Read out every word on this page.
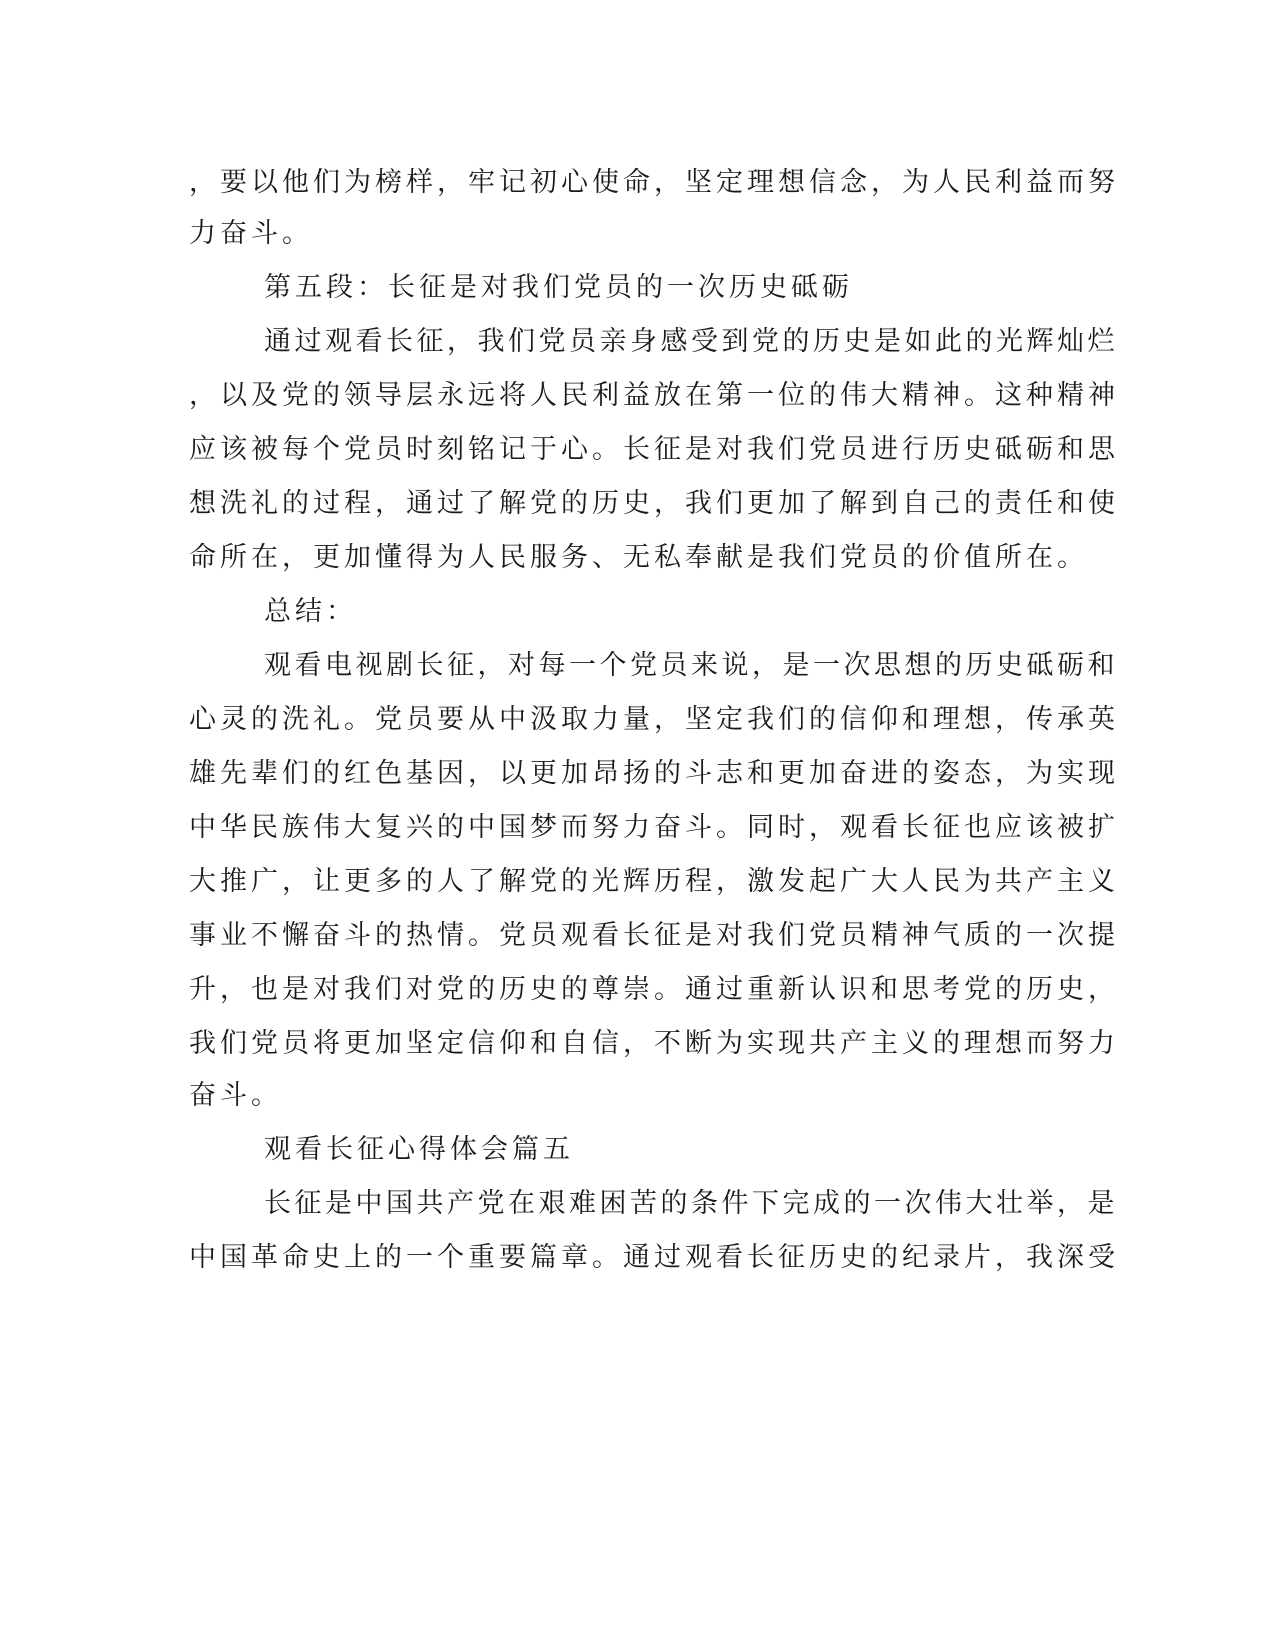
，要以他们为榜样，牢记初心使命，坚定理想信念，为人民利益而努
力奋斗。
第五段：长征是对我们党员的一次历史砥砺
通过观看长征，我们党员亲身感受到党的历史是如此的光辉灿烂
，以及党的领导层永远将人民利益放在第一位的伟大精神。这种精神
应该被每个党员时刻铭记于心。长征是对我们党员进行历史砥砺和思
想洗礼的过程，通过了解党的历史，我们更加了解到自己的责任和使
命所在，更加懂得为人民服务、无私奉献是我们党员的价值所在。
总结：
观看电视剧长征，对每一个党员来说，是一次思想的历史砥砺和
心灵的洗礼。党员要从中汲取力量，坚定我们的信仰和理想，传承英
雄先辈们的红色基因，以更加昂扬的斗志和更加奋进的姿态，为实现
中华民族伟大复兴的中国梦而努力奋斗。同时，观看长征也应该被扩
大推广，让更多的人了解党的光辉历程，激发起广大人民为共产主义
事业不懈奋斗的热情。党员观看长征是对我们党员精神气质的一次提
升，也是对我们对党的历史的尊崇。通过重新认识和思考党的历史，
我们党员将更加坚定信仰和自信，不断为实现共产主义的理想而努力
奋斗。
观看长征心得体会篇五
长征是中国共产党在艰难困苦的条件下完成的一次伟大壮举，是
中国革命史上的一个重要篇章。通过观看长征历史的纪录片，我深受
